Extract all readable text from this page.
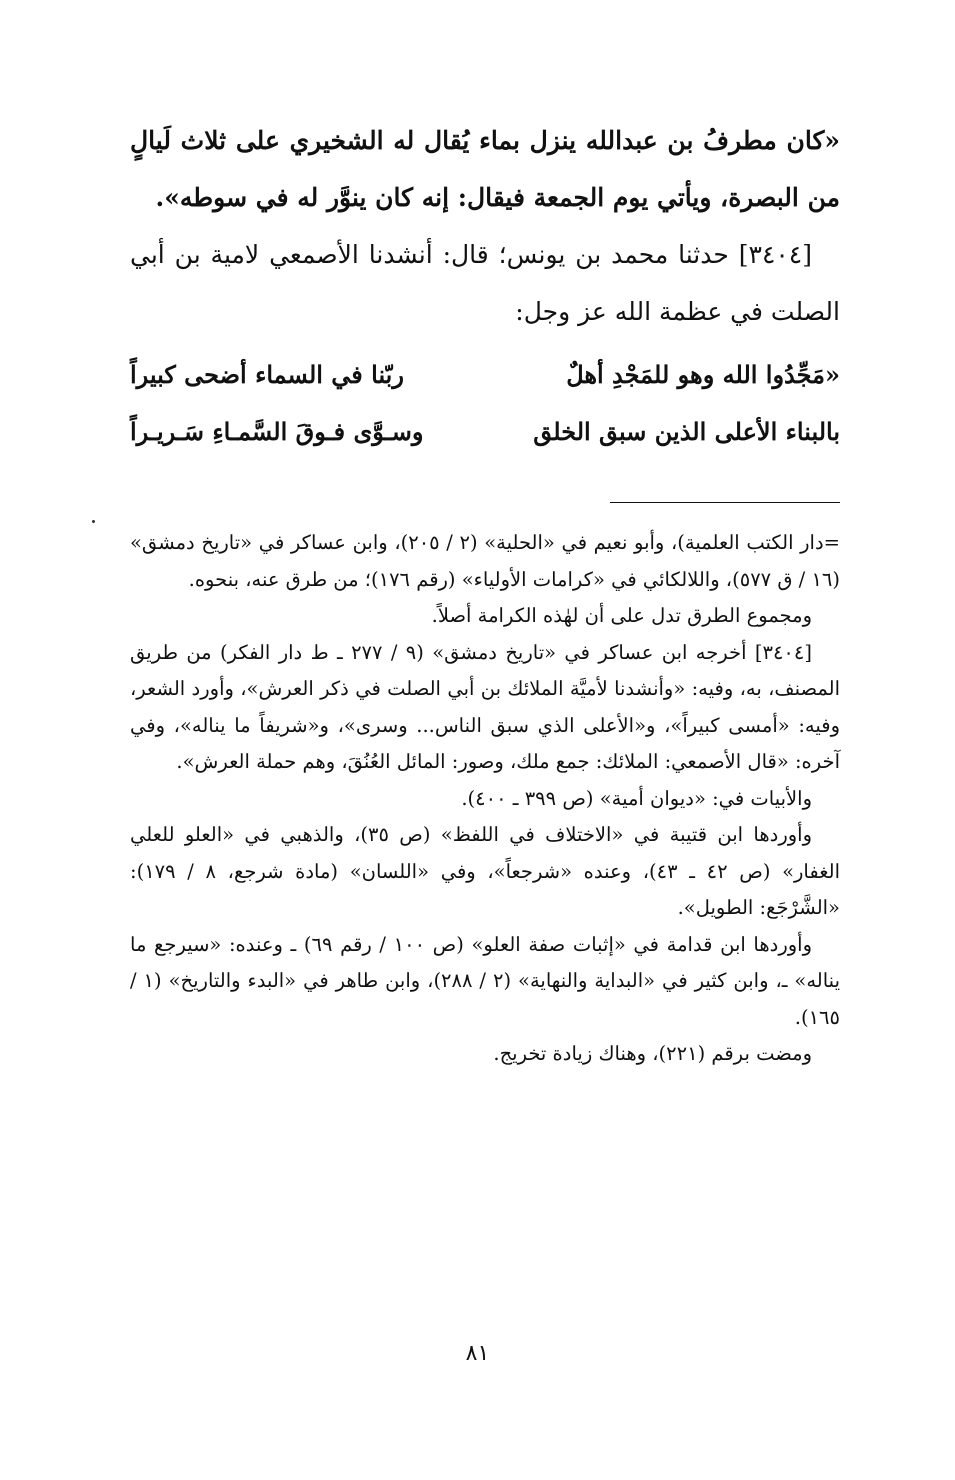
«كان مطرفُ بن عبدالله ينزل بماء يُقال له الشخيري على ثلاث لَيالٍ من البصرة، ويأتي يوم الجمعة فيقال: إنه كان ينوَّر له في سوطه».

[٣٤٠٤] حدثنا محمد بن يونس؛ قال: أنشدنا الأصمعي لامية بن أبي الصلت في عظمة الله عز وجل:

«مَجِّدُوا الله وهو للمَجْدِ أهلٌ
ربّنا في السماء أضحى كبيراً
بالبناء الأعلى الذين سبق الخلق
وسـوَّى فـوقَ السَّمـاءِ سَـريـراً

=دار الكتب العلمية)، وأبو نعيم في «الحلية» (٢ / ٢٠٥)، وابن عساكر في «تاريخ دمشق» (١٦ / ق ٥٧٧)، واللالكائي في «كرامات الأولياء» (رقم ١٧٦)؛ من طرق عنه، بنحوه.

ومجموع الطرق تدل على أن لهٰذه الكرامة أصلاً.

[٣٤٠٤] أخرجه ابن عساكر في «تاريخ دمشق» (٩ / ٢٧٧ ـ ط دار الفكر) من طريق المصنف، به، وفيه: «وأنشدنا لأميَّة الملائك بن أبي الصلت في ذكر العرش»، وأورد الشعر، وفيه: «أمسى كبيراً»، و«الأعلى الذي سبق الناس... وسرى»، و«شريفاً ما يناله»، وفي آخره: «قال الأصمعي: الملائك: جمع ملك، وصور: المائل العُنُقَ، وهم حملة العرش».

والأبيات في: «ديوان أمية» (ص ٣٩٩ ـ ٤٠٠).

وأوردها ابن قتيبة في «الاختلاف في اللفظ» (ص ٣٥)، والذهبي في «العلو للعلي الغفار» (ص ٤٢ ـ ٤٣)، وعنده «شرجعاً»، وفي «اللسان» (مادة شرجع، ٨ / ١٧٩): «الشَّرْجَع: الطويل».

وأوردها ابن قدامة في «إثبات صفة العلو» (ص ١٠٠ / رقم ٦٩) ـ وعنده: «سيرجع ما يناله» ـ، وابن كثير في «البداية والنهاية» (٢ / ٢٨٨)، وابن طاهر في «البدء والتاريخ» (١ / ١٦٥).

ومضت برقم (٢٢١)، وهناك زيادة تخريج.

٨١
